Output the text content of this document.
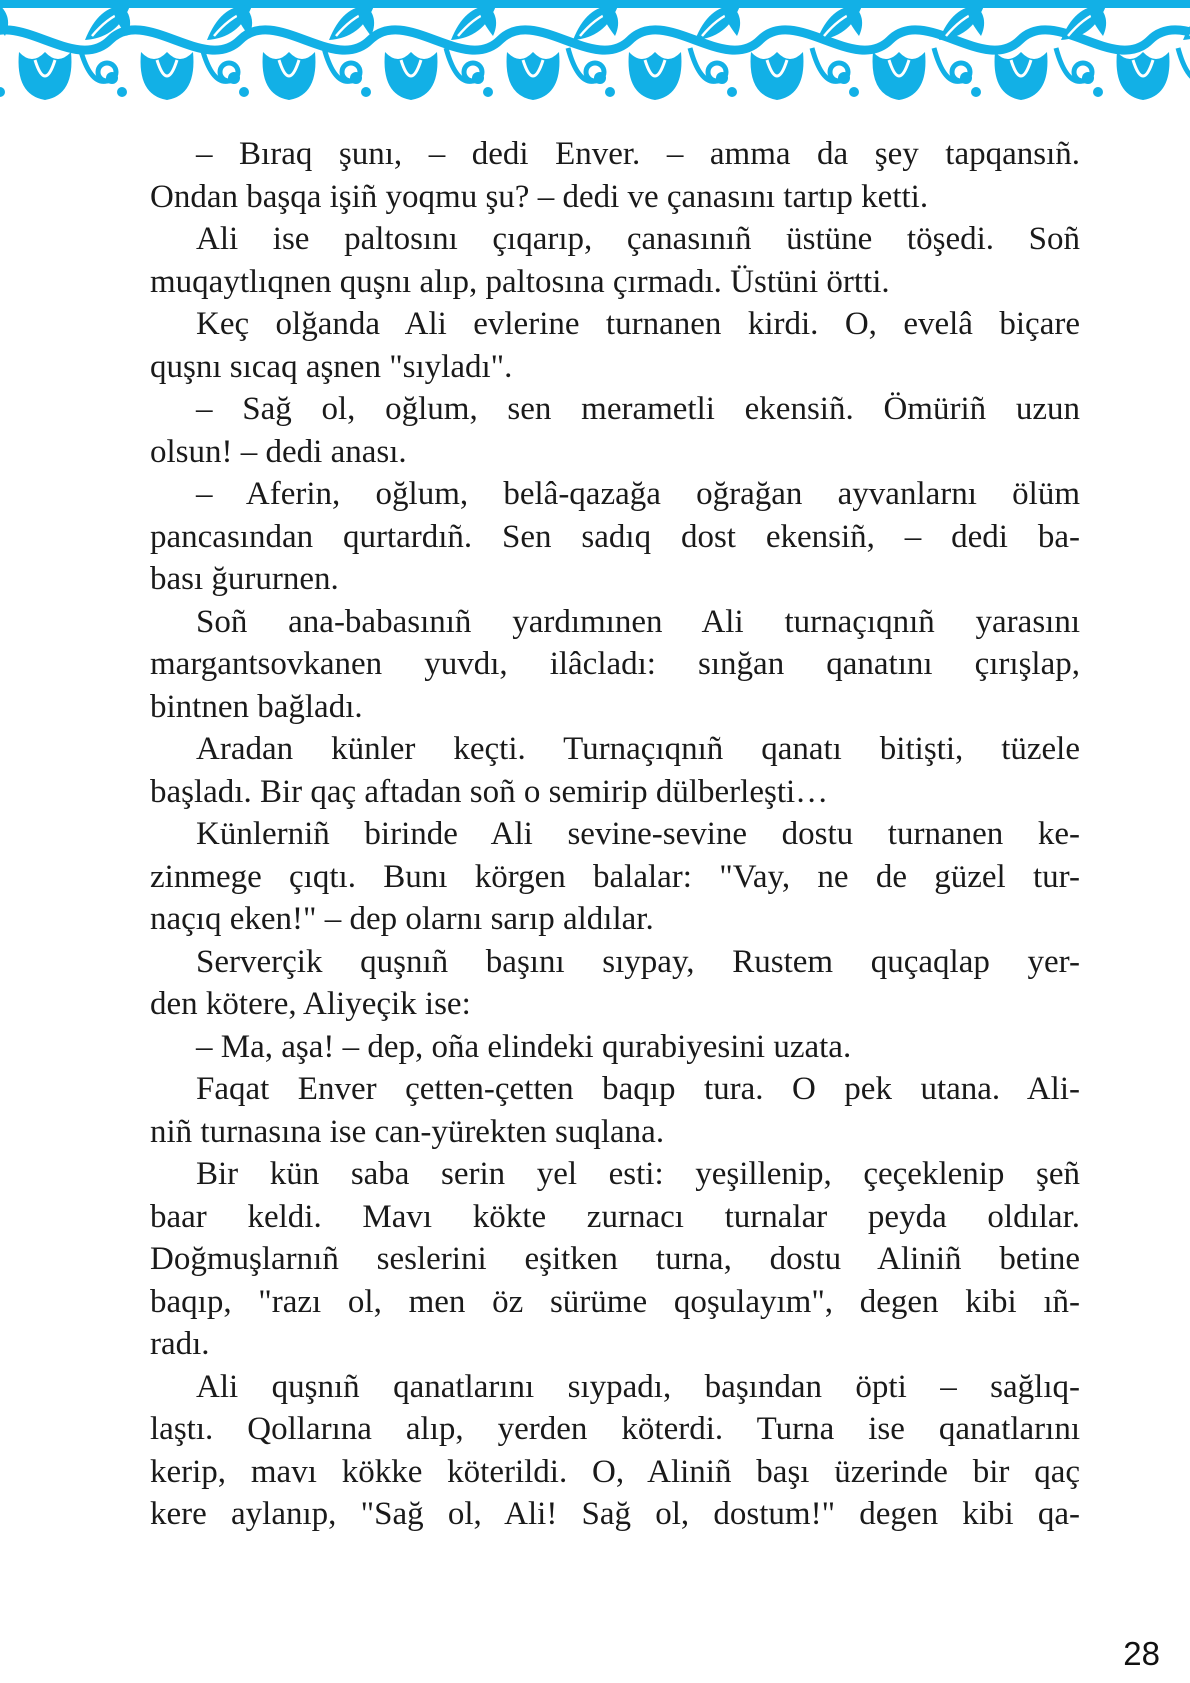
– Bıraq şunı, – dedi Enver. – amma da şey tapqansıñ.
Ondan başqa işiñ yoqmu şu? – dedi ve çanasını tartıp ketti.
Ali ise paltosını çıqarıp, çanasınıñ üstüne töşedi. Soñ
muqaytlıqnen quşnı alıp, paltosına çırmadı. Üstüni örtti.
Keç olğanda Ali evlerine turnanen kirdi. O, evelâ biçare
quşnı sıcaq aşnen "sıyladı".
– Sağ ol, oğlum, sen merametli ekensiñ. Ömüriñ uzun
olsun! – dedi anası.
– Aferin, oğlum, belâ-qazağa oğrağan ayvanlarnı ölüm
pancasından qurtardıñ. Sen sadıq dost ekensiñ, – dedi ba-
bası ğururnen.
Soñ ana-babasınıñ yardımınen Ali turnaçıqnıñ yarasını
margantsovkanen yuvdı, ilâcladı: sınğan qanatını çırışlap,
bintnen bağladı.
Aradan künler keçti. Turnaçıqnıñ qanatı bitişti, tüzele
başladı. Bir qaç aftadan soñ o semirip dülberleşti…
Künlerniñ birinde Ali sevine-sevine dostu turnanen ke-
zinmege çıqtı. Bunı körgen balalar: "Vay, ne de güzel tur-
naçıq eken!" – dep olarnı sarıp aldılar.
Serverçik quşnıñ başını sıypay, Rustem quçaqlap yer-
den kötere, Aliyeçik ise:
– Ma, aşa! – dep, oña elindeki qurabiyesini uzata.
Faqat Enver çetten-çetten baqıp tura. O pek utana. Ali-
niñ turnasına ise can-yürekten suqlana.
Bir kün saba serin yel esti: yeşillenip, çeçeklenip şeñ
baar keldi. Mavı kökte zurnacı turnalar peyda oldılar.
Doğmuşlarnıñ seslerini eşitken turna, dostu Aliniñ betine
baqıp, "razı ol, men öz sürüme qoşulayım", degen kibi ıñ-
radı.
Ali quşnıñ qanatlarını sıypadı, başından öpti – sağlıq-
laştı. Qollarına alıp, yerden köterdi. Turna ise qanatlarını
kerip, mavı kökke köterildi. O, Aliniñ başı üzerinde bir qaç
kere aylanıp, "Sağ ol, Ali! Sağ ol, dostum!" degen kibi qa-
28
